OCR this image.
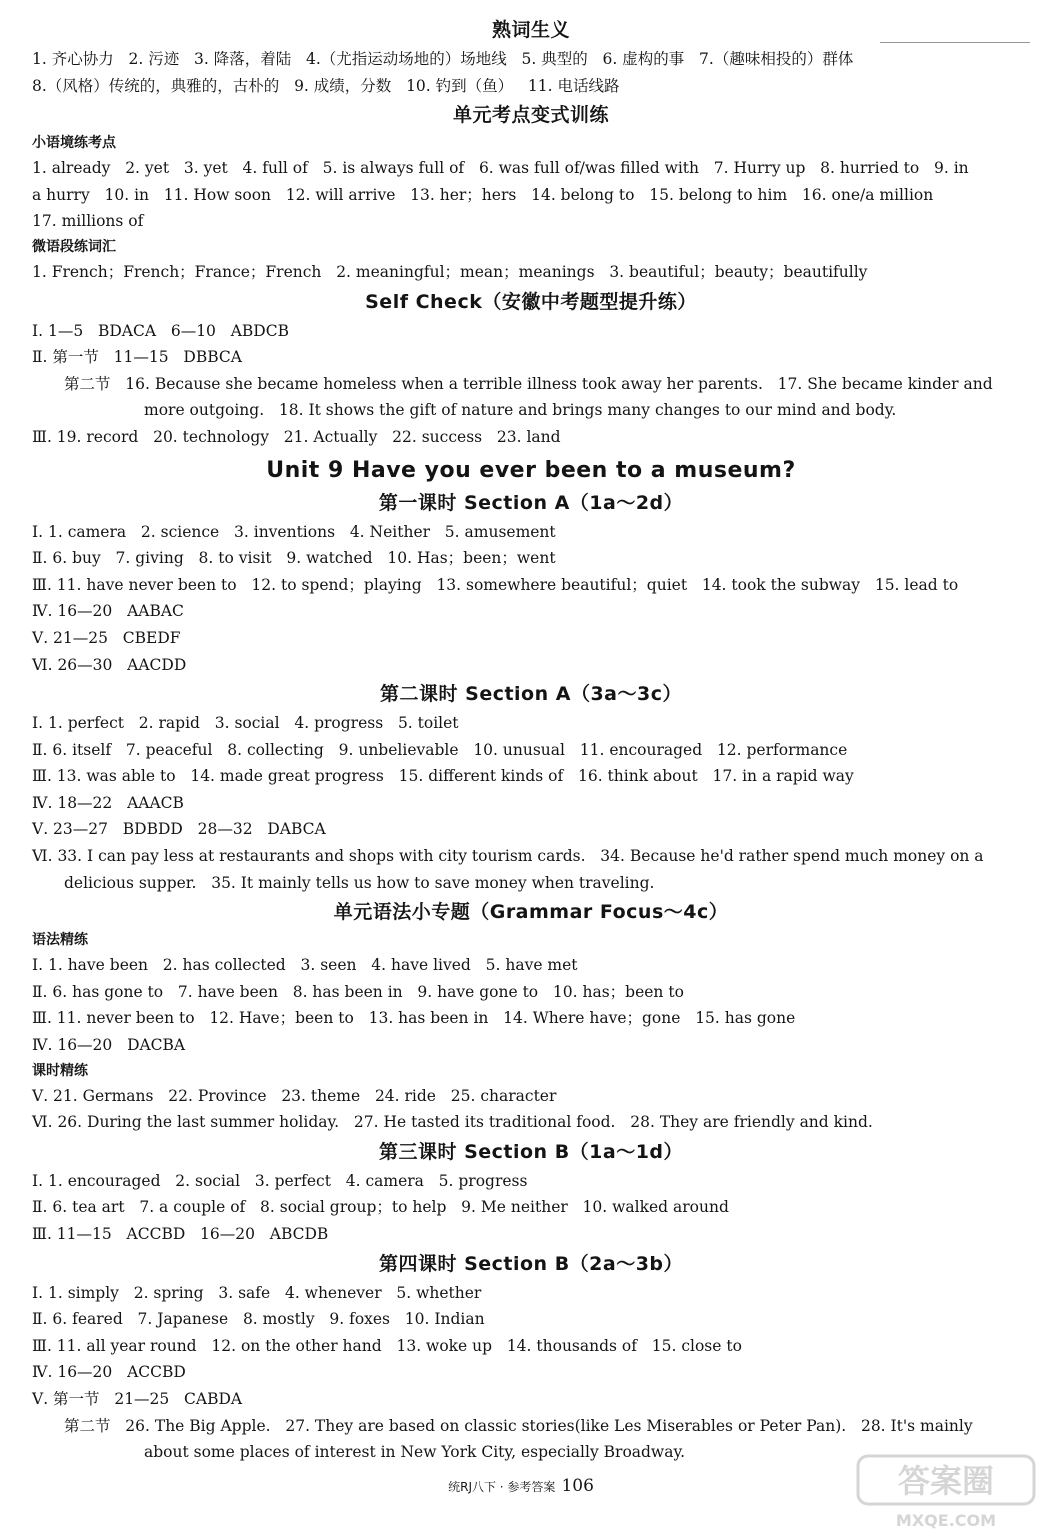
熟词生义
1. 齐心协力   2. 污迹   3. 降落，着陆   4.（尤指运动场地的）场地线   5. 典型的   6. 虚构的事   7.（趣味相投的）群体
8.（风格）传统的，典雅的，古朴的   9. 成绩，分数   10. 钓到（鱼）   11. 电话线路
单元考点变式训练
小语境练考点
1. already   2. yet   3. yet   4. full of   5. is always full of   6. was full of/was filled with   7. Hurry up   8. hurried to   9. in
a hurry   10. in   11. How soon   12. will arrive   13. her；hers   14. belong to   15. belong to him   16. one/a million
17. millions of
微语段练词汇
1. French；French；France；French   2. meaningful；mean；meanings   3. beautiful；beauty；beautifully
Self Check（安徽中考题型提升练）
Ⅰ. 1—5   BDACA   6—10   ABDCB
Ⅱ. 第一节   11—15   DBBCA
第二节   16. Because she became homeless when a terrible illness took away her parents.   17. She became kinder and
more outgoing.   18. It shows the gift of nature and brings many changes to our mind and body.
Ⅲ. 19. record   20. technology   21. Actually   22. success   23. land
Unit 9 Have you ever been to a museum?
第一课时 Section A（1a～2d）
Ⅰ. 1. camera   2. science   3. inventions   4. Neither   5. amusement
Ⅱ. 6. buy   7. giving   8. to visit   9. watched   10. Has；been；went
Ⅲ. 11. have never been to   12. to spend；playing   13. somewhere beautiful；quiet   14. took the subway   15. lead to
Ⅳ. 16—20   AABAC
Ⅴ. 21—25   CBEDF
Ⅵ. 26—30   AACDD
第二课时 Section A（3a～3c）
Ⅰ. 1. perfect   2. rapid   3. social   4. progress   5. toilet
Ⅱ. 6. itself   7. peaceful   8. collecting   9. unbelievable   10. unusual   11. encouraged   12. performance
Ⅲ. 13. was able to   14. made great progress   15. different kinds of   16. think about   17. in a rapid way
Ⅳ. 18—22   AAACB
Ⅴ. 23—27   BDBDD   28—32   DABCA
Ⅵ. 33. I can pay less at restaurants and shops with city tourism cards.   34. Because he'd rather spend much money on a
delicious supper.   35. It mainly tells us how to save money when traveling.
单元语法小专题（Grammar Focus～4c）
语法精练
Ⅰ. 1. have been   2. has collected   3. seen   4. have lived   5. have met
Ⅱ. 6. has gone to   7. have been   8. has been in   9. have gone to   10. has；been to
Ⅲ. 11. never been to   12. Have；been to   13. has been in   14. Where have；gone   15. has gone
Ⅳ. 16—20   DACBA
课时精练
Ⅴ. 21. Germans   22. Province   23. theme   24. ride   25. character
Ⅵ. 26. During the last summer holiday.   27. He tasted its traditional food.   28. They are friendly and kind.
第三课时 Section B（1a～1d）
Ⅰ. 1. encouraged   2. social   3. perfect   4. camera   5. progress
Ⅱ. 6. tea art   7. a couple of   8. social group；to help   9. Me neither   10. walked around
Ⅲ. 11—15   ACCBD   16—20   ABCDB
第四课时 Section B（2a～3b）
Ⅰ. 1. simply   2. spring   3. safe   4. whenever   5. whether
Ⅱ. 6. feared   7. Japanese   8. mostly   9. foxes   10. Indian
Ⅲ. 11. all year round   12. on the other hand   13. woke up   14. thousands of   15. close to
Ⅳ. 16—20   ACCBD
Ⅴ. 第一节   21—25   CABDA
第二节   26. The Big Apple.   27. They are based on classic stories(like Les Miserables or Peter Pan).   28. It's mainly
about some places of interest in New York City, especially Broadway.
统RJ八下 · 参考答案 106	答案圈
MXQE.COM
